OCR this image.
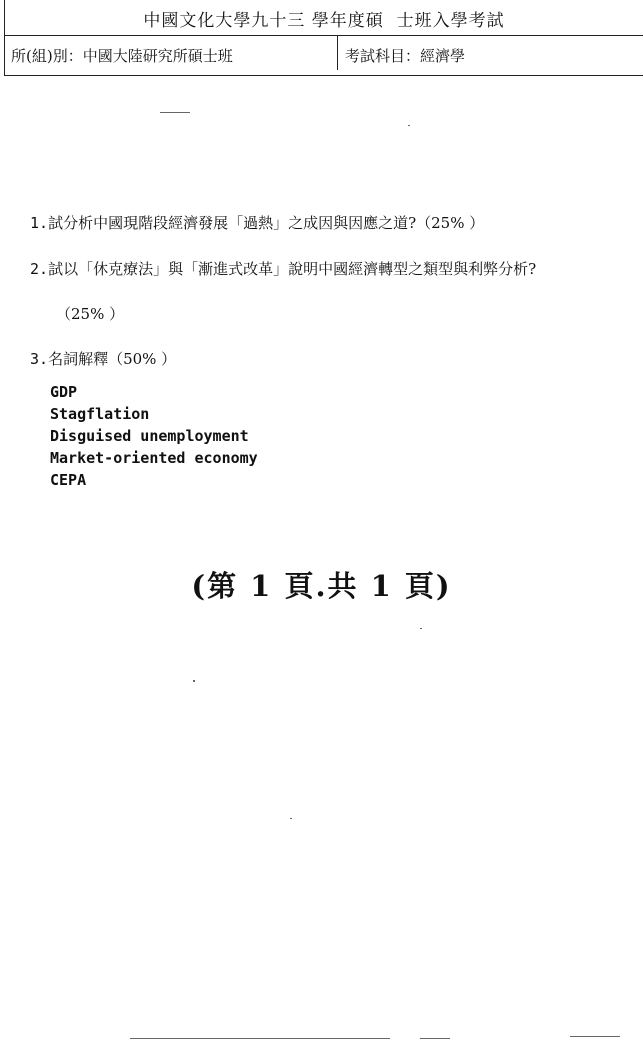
中國文化大學九十三 學年度碩  士班入學考試
所(組)別：中國大陸研究所碩士班	考試科目：經濟學
1.試分析中國現階段經濟發展「過熱」之成因與因應之道?（25% ）
2.試以「休克療法」與「漸進式改革」說明中國經濟轉型之類型與利弊分析?
（25% ）
3.名詞解釋（50% ）
GDP
Stagflation
Disguised unemployment
Market-oriented economy
CEPA
(第 1 頁.共 1 頁)
